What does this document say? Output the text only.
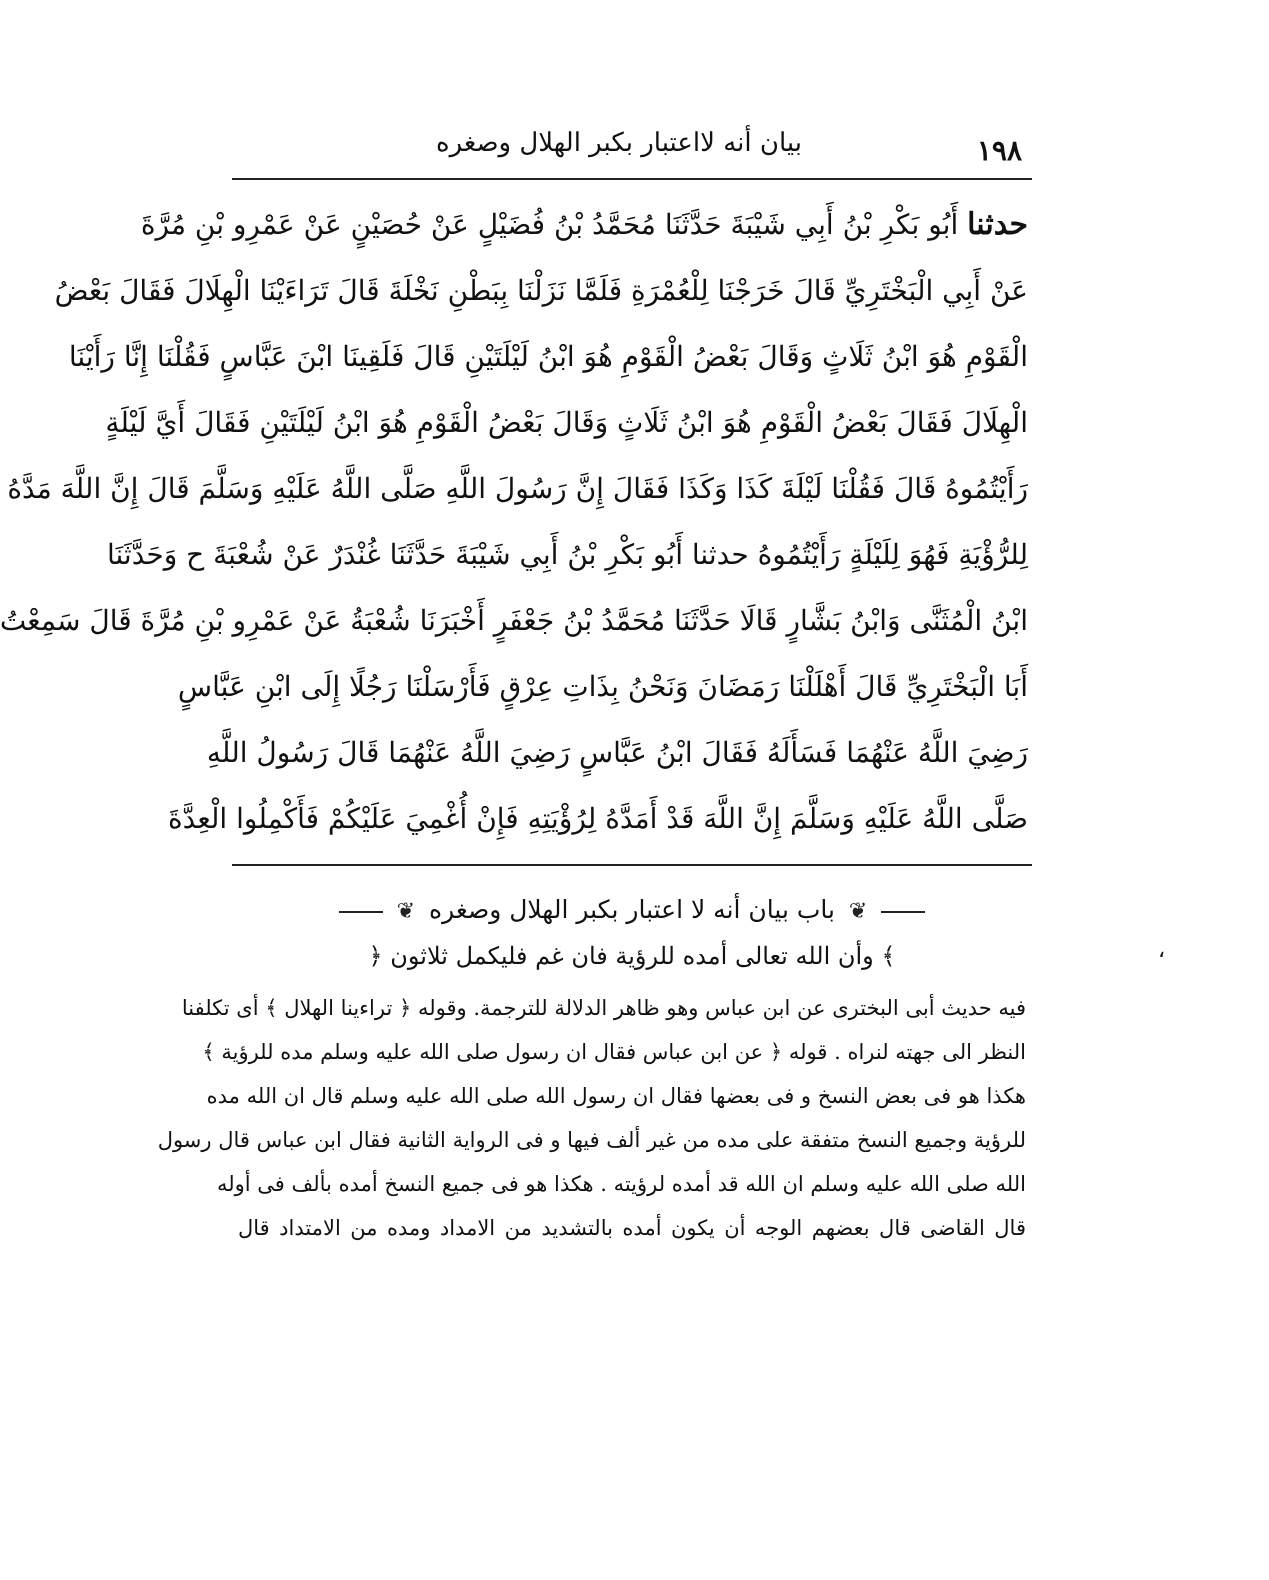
بيان أنه لااعتبار بكبر الهلال وصغره	١٩٨
حدثنا أَبُو بَكْرِ بْنُ أَبِي شَيْبَةَ حَدَّثَنَا مُحَمَّدُ بْنُ فُضَيْلٍ عَنْ حُصَيْنٍ عَنْ عَمْرِو بْنِ مُرَّةَ
عَنْ أَبِي الْبَخْتَرِيِّ قَالَ خَرَجْنَا لِلْعُمْرَةِ فَلَمَّا نَزَلْنَا بِبَطْنِ نَخْلَةَ قَالَ تَرَاءَيْنَا الْهِلَالَ فَقَالَ بَعْضُ
الْقَوْمِ هُوَ ابْنُ ثَلَاثٍ وَقَالَ بَعْضُ الْقَوْمِ هُوَ ابْنُ لَيْلَتَيْنِ قَالَ فَلَقِينَا ابْنَ عَبَّاسٍ فَقُلْنَا إِنَّا رَأَيْنَا
الْهِلَالَ فَقَالَ بَعْضُ الْقَوْمِ هُوَ ابْنُ ثَلَاثٍ وَقَالَ بَعْضُ الْقَوْمِ هُوَ ابْنُ لَيْلَتَيْنِ فَقَالَ أَيَّ لَيْلَةٍ
رَأَيْتُمُوهُ قَالَ فَقُلْنَا لَيْلَةَ كَذَا وَكَذَا فَقَالَ إِنَّ رَسُولَ اللَّهِ صَلَّى اللَّهُ عَلَيْهِ وَسَلَّمَ قَالَ إِنَّ اللَّهَ مَدَّهُ
لِلرُّؤْيَةِ فَهُوَ لِلَيْلَةٍ رَأَيْتُمُوهُ حدثنا أَبُو بَكْرِ بْنُ أَبِي شَيْبَةَ حَدَّثَنَا غُنْدَرٌ عَنْ شُعْبَةَ ح وَحَدَّثَنَا
ابْنُ الْمُثَنَّى وَابْنُ بَشَّارٍ قَالَا حَدَّثَنَا مُحَمَّدُ بْنُ جَعْفَرٍ أَخْبَرَنَا شُعْبَةُ عَنْ عَمْرِو بْنِ مُرَّةَ قَالَ سَمِعْتُ
أَبَا الْبَخْتَرِيِّ قَالَ أَهْلَلْنَا رَمَضَانَ وَنَحْنُ بِذَاتِ عِرْقٍ فَأَرْسَلْنَا رَجُلًا إِلَى ابْنِ عَبَّاسٍ
رَضِيَ اللَّهُ عَنْهُمَا فَسَأَلَهُ فَقَالَ ابْنُ عَبَّاسٍ رَضِيَ اللَّهُ عَنْهُمَا قَالَ رَسُولُ اللَّهِ
صَلَّى اللَّهُ عَلَيْهِ وَسَلَّمَ إِنَّ اللَّهَ قَدْ أَمَدَّهُ لِرُؤْيَتِهِ فَإِنْ أُغْمِيَ عَلَيْكُمْ فَأَكْمِلُوا الْعِدَّةَ
❦ باب بيان أنه لا اعتبار بكبر الهلال وصغره ❦
﴾ وأن الله تعالى أمده للرؤية فان غم فليكمل ثلاثون ﴿
فيه حديث أبى البخترى عن ابن عباس وهو ظاهر الدلالة للترجمة. وقوله ﴿ تراءينا الهلال ﴾ أى تكلفنا
النظر الى جهته لنراه . قوله ﴿ عن ابن عباس فقال ان رسول صلى الله عليه وسلم مده للرؤية ﴾
هكذا هو فى بعض النسخ و فى بعضها فقال ان رسول الله صلى الله عليه وسلم قال ان الله مده
للرؤية وجميع النسخ متفقة على مده من غير ألف فيها و فى الرواية الثانية فقال ابن عباس قال رسول
الله صلى الله عليه وسلم ان الله قد أمده لرؤيته . هكذا هو فى جميع النسخ أمده بألف فى أوله
قال القاضى قال بعضهم الوجه أن يكون أمده بالتشديد من الامداد ومده من الامتداد قال
،
